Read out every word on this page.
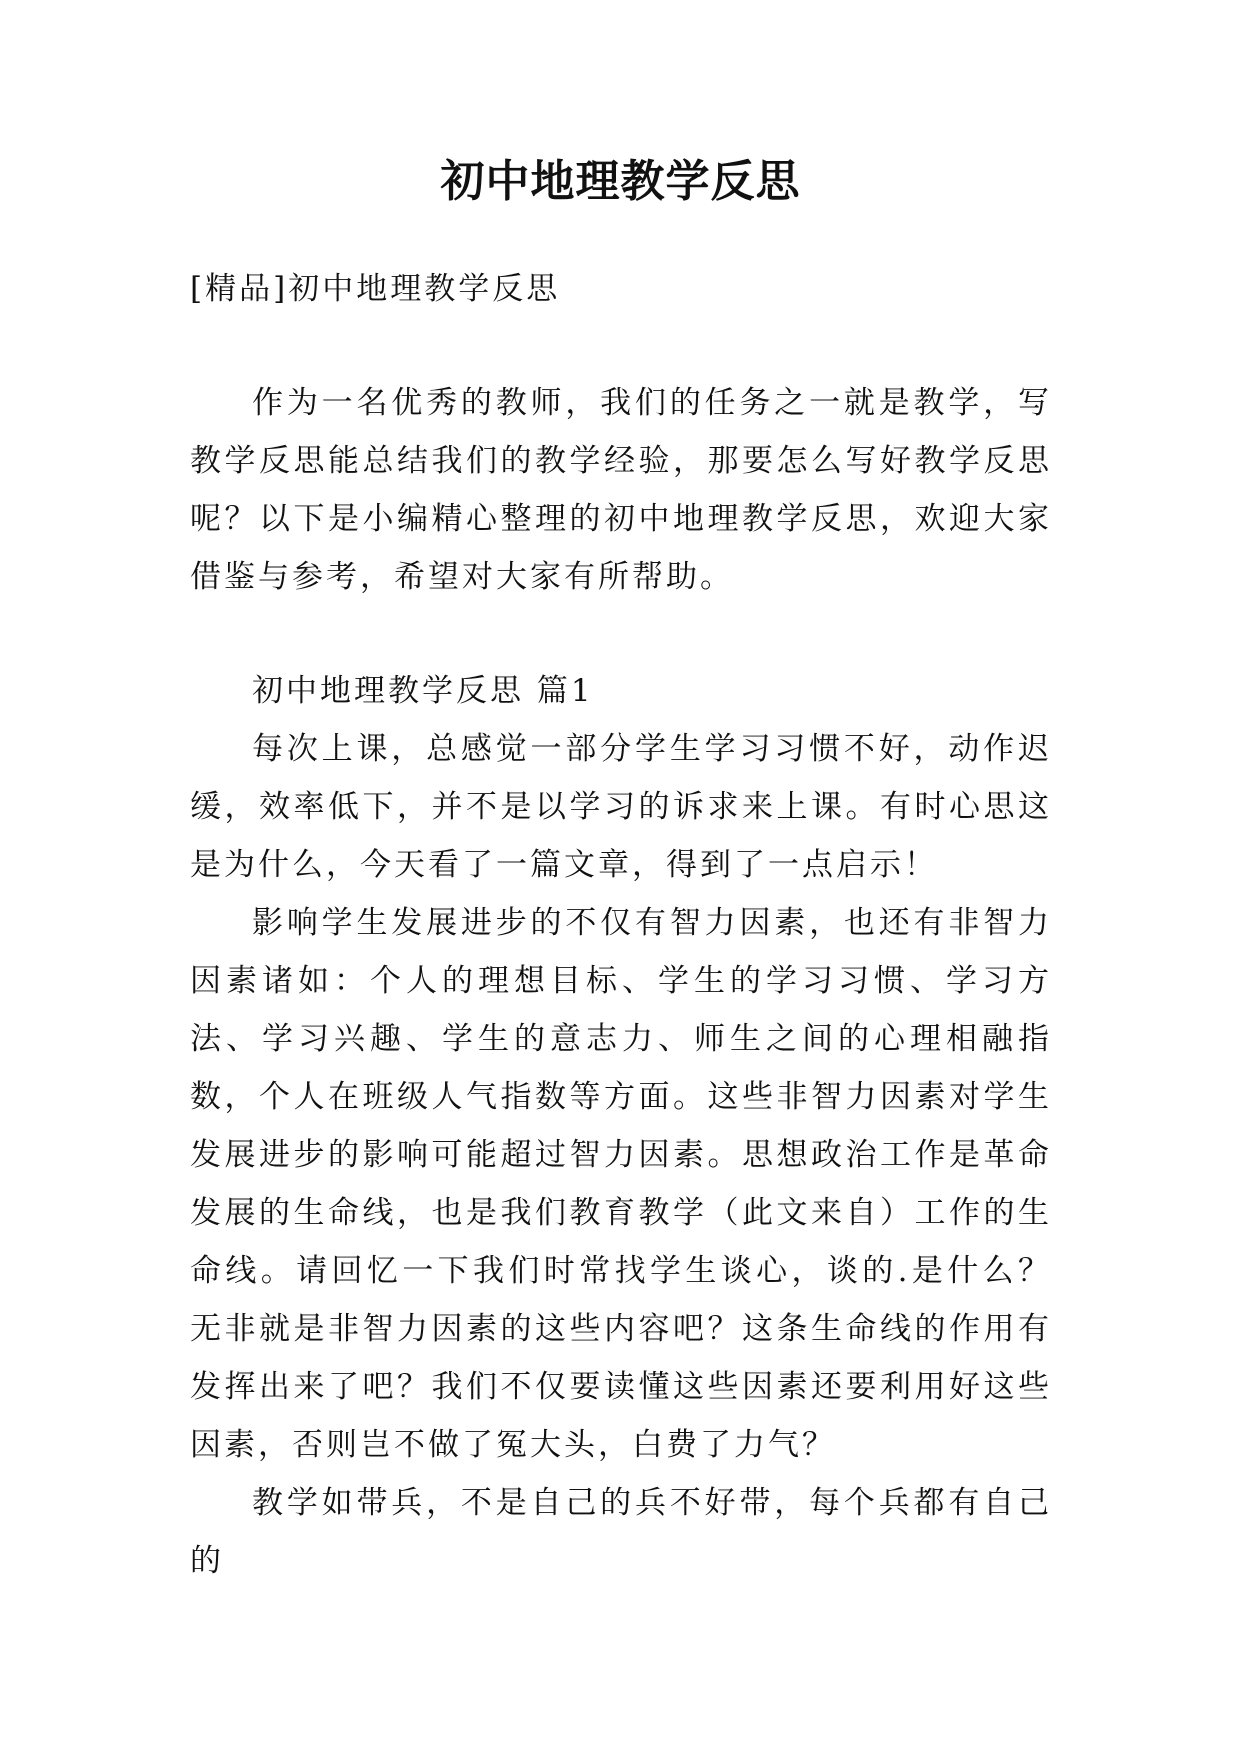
初中地理教学反思
[精品]初中地理教学反思

作为一名优秀的教师，我们的任务之一就是教学，写教学反思能总结我们的教学经验，那要怎么写好教学反思呢？以下是小编精心整理的初中地理教学反思，欢迎大家借鉴与参考，希望对大家有所帮助。

初中地理教学反思 篇1

每次上课，总感觉一部分学生学习习惯不好，动作迟缓，效率低下，并不是以学习的诉求来上课。有时心思这是为什么，今天看了一篇文章，得到了一点启示！

影响学生发展进步的不仅有智力因素，也还有非智力因素诸如：个人的理想目标、学生的学习习惯、学习方法、学习兴趣、学生的意志力、师生之间的心理相融指数，个人在班级人气指数等方面。这些非智力因素对学生发展进步的影响可能超过智力因素。思想政治工作是革命发展的生命线，也是我们教育教学（此文来自）工作的生命线。请回忆一下我们时常找学生谈心，谈的.是什么？无非就是非智力因素的这些内容吧？这条生命线的作用有发挥出来了吧？我们不仅要读懂这些因素还要利用好这些因素，否则岂不做了冤大头，白费了力气？

教学如带兵，不是自己的兵不好带，每个兵都有自己的
